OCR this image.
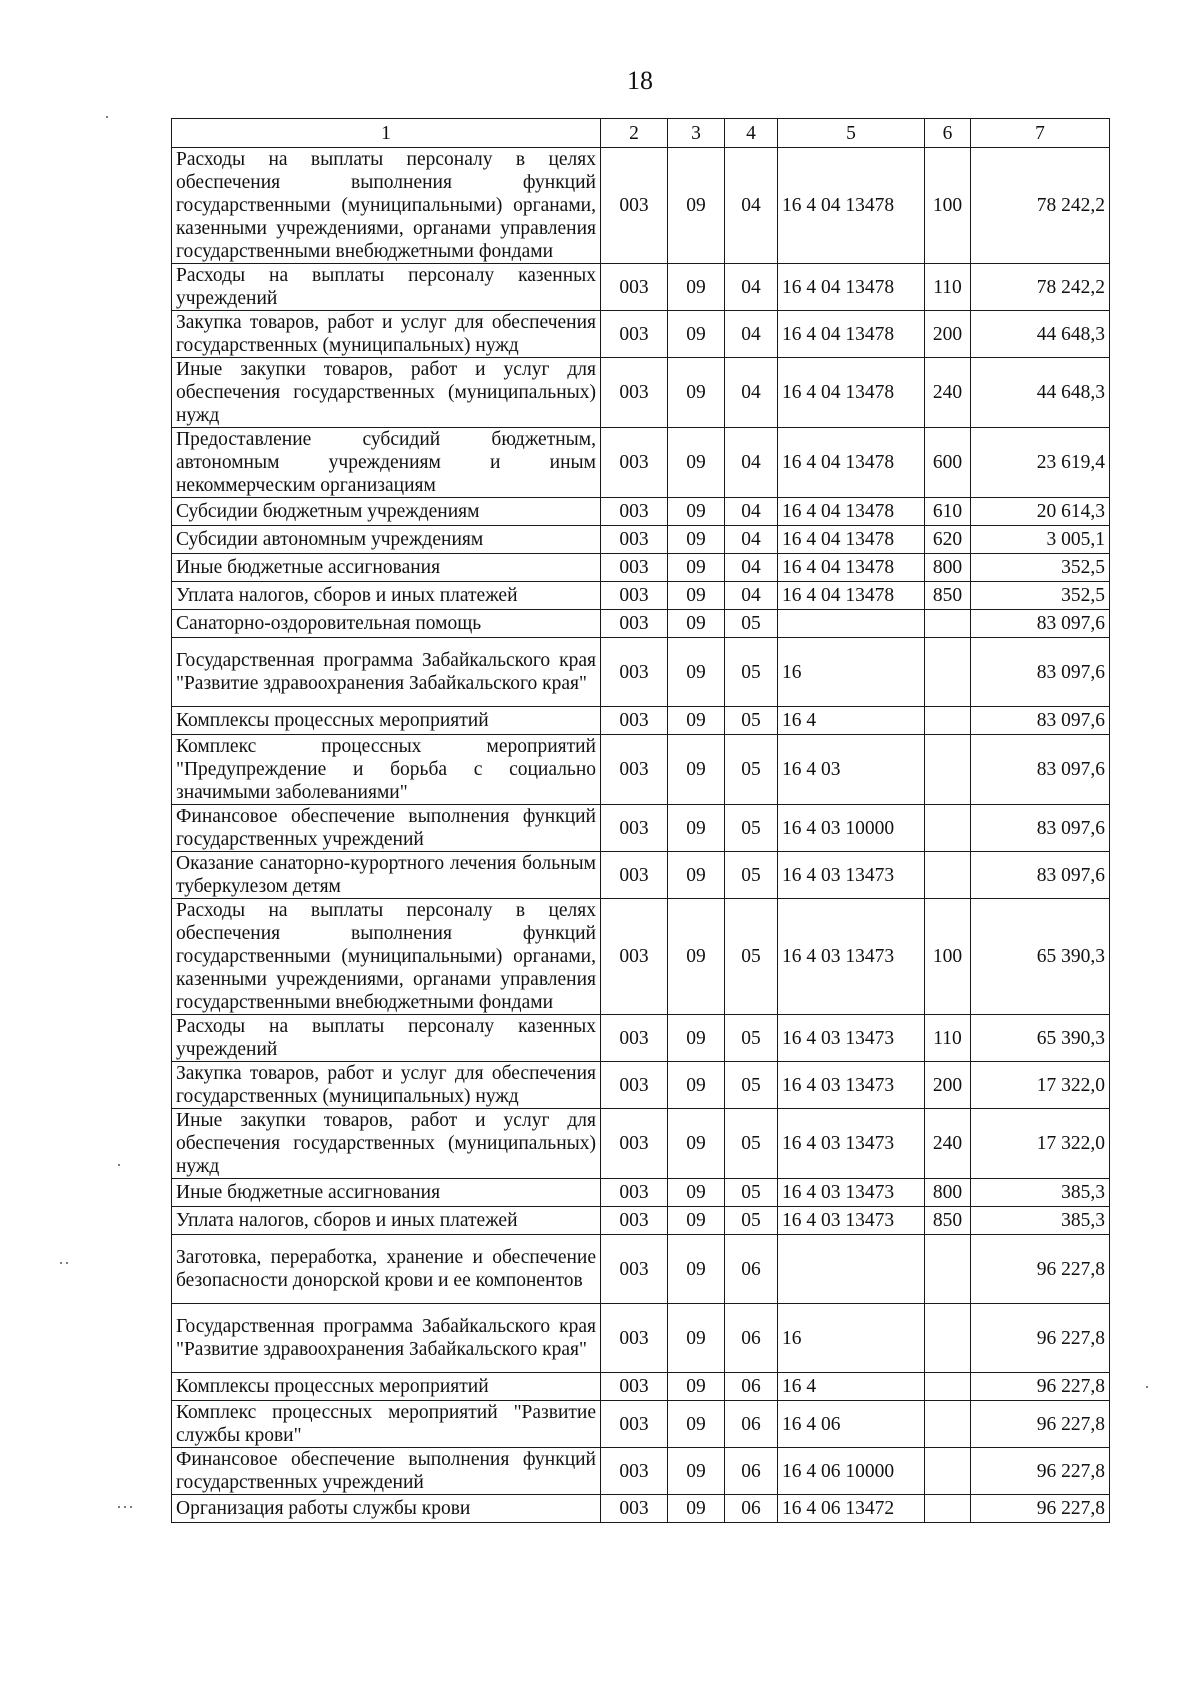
18
1	2	3	4	5	6	7
Расходы на выплаты персоналу в целях обеспечения выполнения функций государственными (муниципальными) органами, казенными учреждениями, органами управления государственными внебюджетными фондами	003	09	04	16 4 04 13478	100	78 242,2
Расходы на выплаты персоналу казенных учреждений	003	09	04	16 4 04 13478	110	78 242,2
Закупка товаров, работ и услуг для обеспечения государственных (муниципальных) нужд	003	09	04	16 4 04 13478	200	44 648,3
Иные закупки товаров, работ и услуг для обеспечения государственных (муниципальных) нужд	003	09	04	16 4 04 13478	240	44 648,3
Предоставление субсидий бюджетным, автономным учреждениям и иным некоммерческим организациям	003	09	04	16 4 04 13478	600	23 619,4
Субсидии бюджетным учреждениям	003	09	04	16 4 04 13478	610	20 614,3
Субсидии автономным учреждениям	003	09	04	16 4 04 13478	620	3 005,1
Иные бюджетные ассигнования	003	09	04	16 4 04 13478	800	352,5
Уплата налогов, сборов и иных платежей	003	09	04	16 4 04 13478	850	352,5
Санаторно-оздоровительная помощь	003	09	05			83 097,6
Государственная программа Забайкальского края "Развитие здравоохранения Забайкальского края"	003	09	05	16		83 097,6
Комплексы процессных мероприятий	003	09	05	16 4		83 097,6
Комплекс процессных мероприятий "Предупреждение и борьба с социально значимыми заболеваниями"	003	09	05	16 4 03		83 097,6
Финансовое обеспечение выполнения функций государственных учреждений	003	09	05	16 4 03 10000		83 097,6
Оказание санаторно-курортного лечения больным туберкулезом детям	003	09	05	16 4 03 13473		83 097,6
Расходы на выплаты персоналу в целях обеспечения выполнения функций государственными (муниципальными) органами, казенными учреждениями, органами управления государственными внебюджетными фондами	003	09	05	16 4 03 13473	100	65 390,3
Расходы на выплаты персоналу казенных учреждений	003	09	05	16 4 03 13473	110	65 390,3
Закупка товаров, работ и услуг для обеспечения государственных (муниципальных) нужд	003	09	05	16 4 03 13473	200	17 322,0
Иные закупки товаров, работ и услуг для обеспечения государственных (муниципальных) нужд	003	09	05	16 4 03 13473	240	17 322,0
Иные бюджетные ассигнования	003	09	05	16 4 03 13473	800	385,3
Уплата налогов, сборов и иных платежей	003	09	05	16 4 03 13473	850	385,3
Заготовка, переработка, хранение и обеспечение безопасности донорской крови и ее компонентов	003	09	06			96 227,8
Государственная программа Забайкальского края "Развитие здравоохранения Забайкальского края"	003	09	06	16		96 227,8
Комплексы процессных мероприятий	003	09	06	16 4		96 227,8
Комплекс процессных мероприятий "Развитие службы крови"	003	09	06	16 4 06		96 227,8
Финансовое обеспечение выполнения функций государственных учреждений	003	09	06	16 4 06 10000		96 227,8
Организация работы службы крови	003	09	06	16 4 06 13472		96 227,8
